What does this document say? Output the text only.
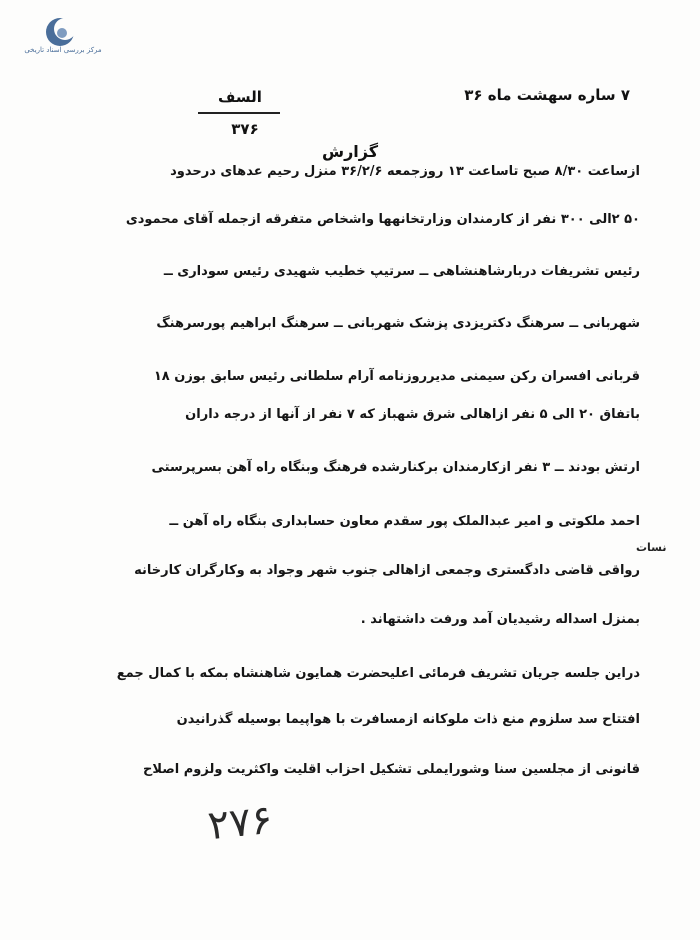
مرکز بررسی اسناد تاریخی
۷ ساره سهشت ماه ۳۶
السف
۳۷۶
گزارش
ازساعت ۸/۳۰ صبح تاساعت ۱۳ روزجمعه ۳۶/۲/۶ منزل رحیم عدهای درحدود
۵۰ ۲الی ۳۰۰ نفر از کارمندان وزارتخانهها واشخاص متفرقه ازجمله آقای محمودی
رئیس تشریفات دربارشاهنشاهی ــ سرتیپ خطیب شهیدی رئیس سوداری ــ
شهربانی ــ سرهنگ دکتریزدی پزشک شهربانی ــ سرهنگ ابراهیم پورسرهنگ
قربانی افسران رکن سیمنی مدیرروزنامه آرام سلطانی رئیس سابق بوزن ۱۸
باتفاق ۲۰ الی ۵ نفر ازاهالی شرق شهباز که ۷ نفر از آنها از درجه داران
ارتش بودند ــ ۳ نفر ازکارمندان برکنارشده فرهنگ وبنگاه راه آهن بسرپرستی
احمد ملکوتی و امیر عبدالملک پور سقدم معاون حسابداری بنگاه راه آهن ــ
رواقی قاضی دادگستری وجمعی ازاهالی جنوب شهر وجواد به وکارگران کارخانه
بمنزل اسداله رشیدیان آمد ورفت داشتهاند .
دراین جلسه جریان تشریف فرمائی اعلیحضرت همایون شاهنشاه بمکه با کمال جمع
افتتاح سد سلزوم منع ذات ملوکانه ازمسافرت با هواپیما بوسیله گذرانیدن
قانونی از مجلسین سنا وشورایملی تشکیل احزاب اقلیت واکثریت ولزوم اصلاح
نسات
۲۷۶
